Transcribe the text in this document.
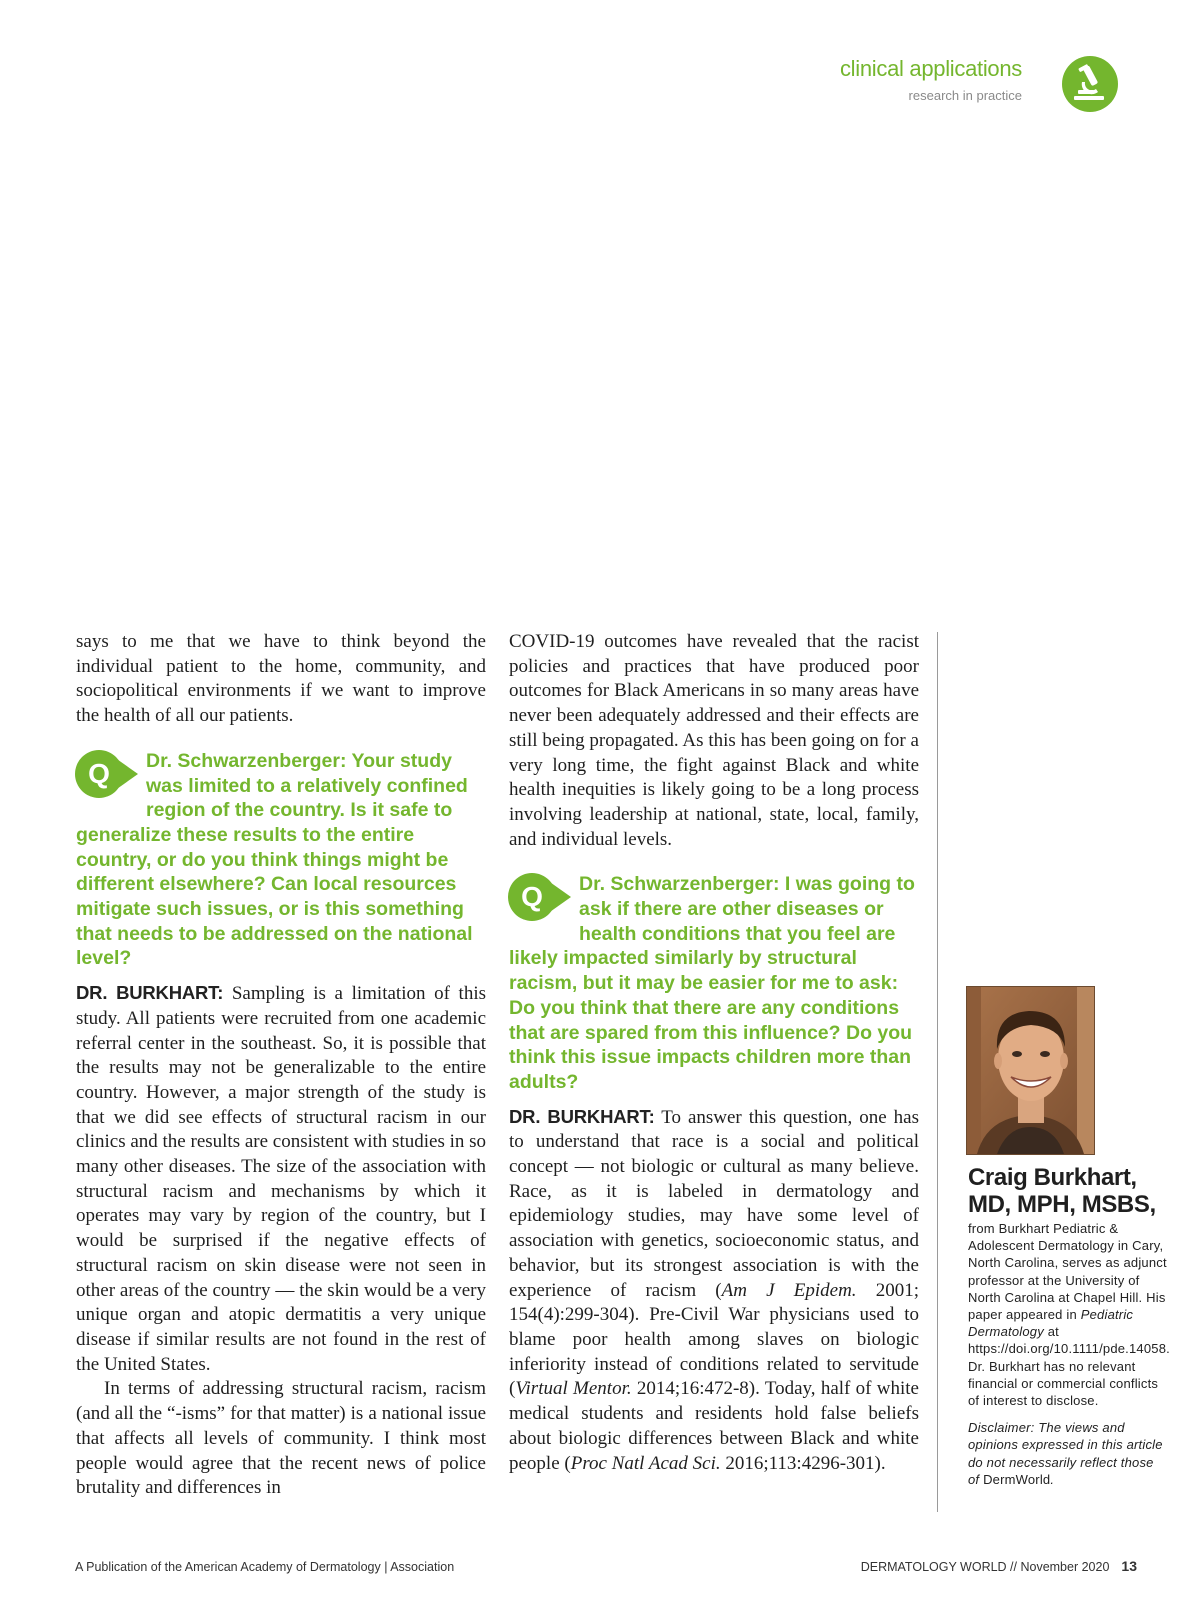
clinical applications
research in practice

says to me that we have to think beyond the individual patient to the home, community, and sociopolitical environments if we want to improve the health of all our patients.

Q Dr. Schwarzenberger: Your study was limited to a relatively confined region of the country. Is it safe to generalize these results to the entire country, or do you think things might be different elsewhere? Can local resources mitigate such issues, or is this something that needs to be addressed on the national level?

DR. BURKHART: Sampling is a limitation of this study. All patients were recruited from one academic referral center in the southeast. So, it is possible that the results may not be generalizable to the entire country. However, a major strength of the study is that we did see effects of structural racism in our clinics and the results are consistent with studies in so many other diseases. The size of the association with structural racism and mechanisms by which it operates may vary by region of the country, but I would be surprised if the negative effects of structural racism on skin disease were not seen in other areas of the country — the skin would be a very unique organ and atopic dermatitis a very unique disease if similar results are not found in the rest of the United States.

In terms of addressing structural racism, racism (and all the “-isms” for that matter) is a national issue that affects all levels of community. I think most people would agree that the recent news of police brutality and differences in

COVID-19 outcomes have revealed that the racist policies and practices that have produced poor outcomes for Black Americans in so many areas have never been adequately addressed and their effects are still being propagated. As this has been going on for a very long time, the fight against Black and white health inequities is likely going to be a long process involving leadership at national, state, local, family, and individual levels.

Q Dr. Schwarzenberger: I was going to ask if there are other diseases or health conditions that you feel are likely impacted similarly by structural racism, but it may be easier for me to ask: Do you think that there are any conditions that are spared from this influence? Do you think this issue impacts children more than adults?

DR. BURKHART: To answer this question, one has to understand that race is a social and political concept — not biologic or cultural as many believe. Race, as it is labeled in dermatology and epidemiology studies, may have some level of association with genetics, socioeconomic status, and behavior, but its strongest association is with the experience of racism (Am J Epidem. 2001; 154(4):299-304). Pre-Civil War physicians used to blame poor health among slaves on biologic inferiority instead of conditions related to servitude (Virtual Mentor. 2014;16:472-8). Today, half of white medical students and residents hold false beliefs about biologic differences between Black and white people (Proc Natl Acad Sci. 2016;113:4296-301).

Craig Burkhart,
MD, MPH, MSBS,
from Burkhart Pediatric & Adolescent Dermatology in Cary, North Carolina, serves as adjunct professor at the University of North Carolina at Chapel Hill. His paper appeared in Pediatric Dermatology at https://doi.org/10.1111/pde.14058. Dr. Burkhart has no relevant financial or commercial conflicts of interest to disclose.
Disclaimer: The views and opinions expressed in this article do not necessarily reflect those of DermWorld.
A Publication of the American Academy of Dermatology | Association	DERMATOLOGY WORLD // November 2020 13
